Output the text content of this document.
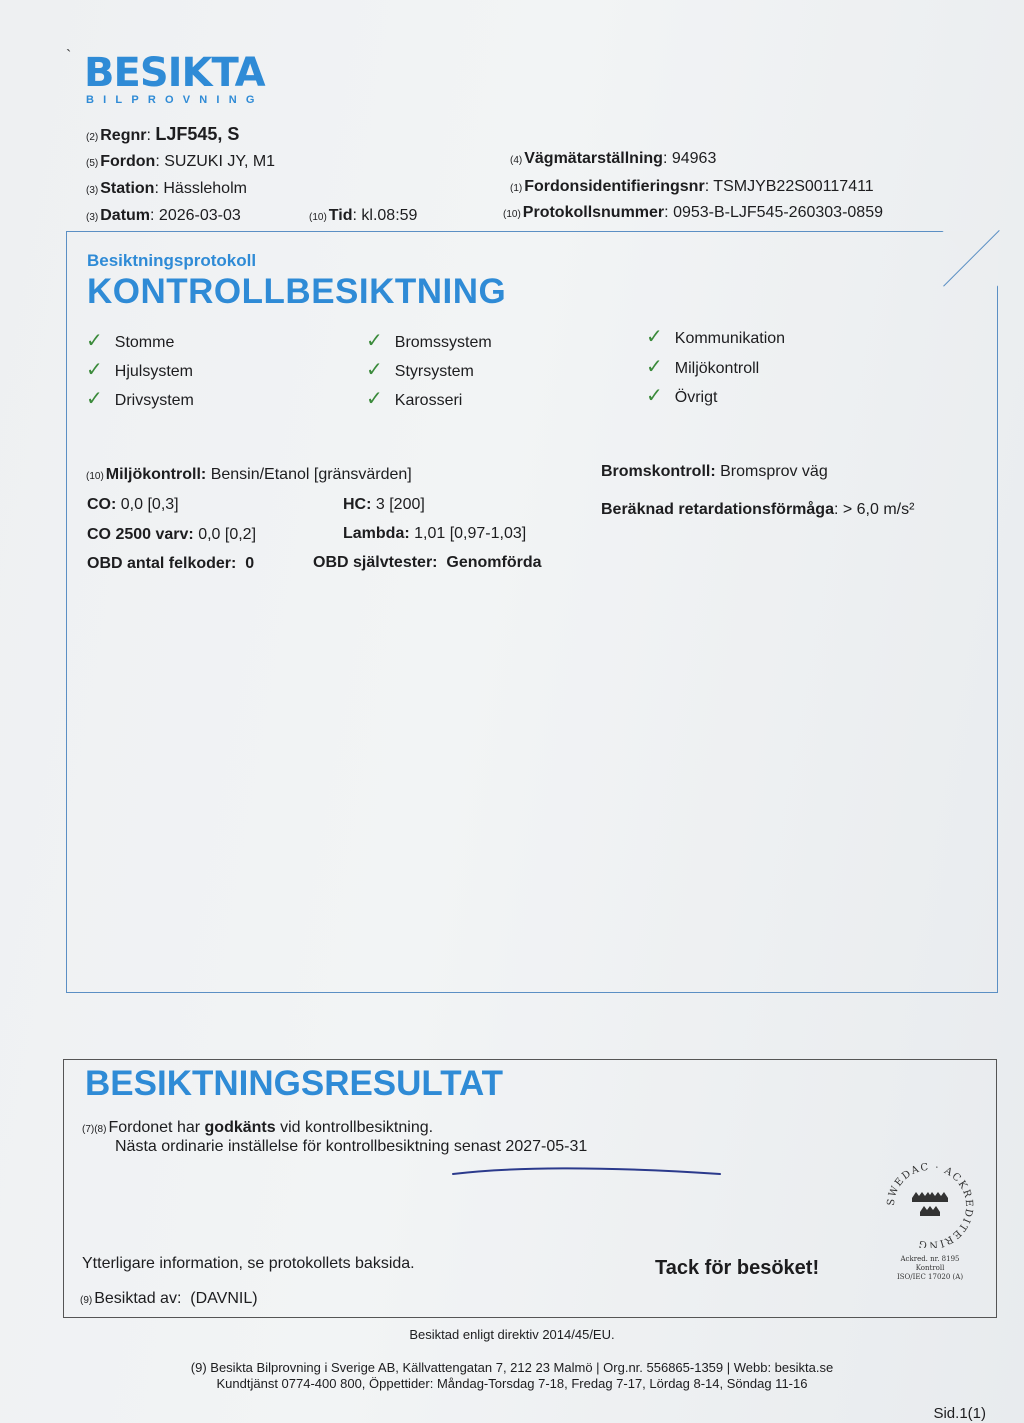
` BESIKTA
BILPROVNING
(2) Regnr: LJF545, S
(5) Fordon: SUZUKI JY, M1
(3) Station: Hässleholm
(3) Datum: 2026-03-03	(10) Tid: kl.08:59
(4) Vägmätarställning: 94963
(1) Fordonsidentifieringsnr: TSMJYB22S00117411
(10) Protokollsnummer: 0953-B-LJF545-260303-0859
Besiktningsprotokoll
KONTROLLBESIKTNING
✓ Stomme
✓ Hjulsystem
✓ Drivsystem
✓ Bromssystem
✓ Styrsystem
✓ Karosseri
✓ Kommunikation
✓ Miljökontroll
✓ Övrigt
(10) Miljökontroll: Bensin/Etanol [gränsvärden]
CO: 0,0 [0,3]
CO 2500 varv: 0,0 [0,2]
OBD antal felkoder: 0
HC: 3 [200]
Lambda: 1,01 [0,97-1,03]
OBD självtester: Genomförda
Bromskontroll: Bromsprov väg
Beräknad retardationsförmåga: > 6,0 m/s²
BESIKTNINGSRESULTAT
(7)(8) Fordonet har godkänts vid kontrollbesiktning.
Nästa ordinarie inställelse för kontrollbesiktning senast 2027-05-31
Ytterligare information, se protokollets baksida.	Tack för besöket!
(9) Besiktad av: (DAVNIL)
SWEDAC · ACKREDITERING
Ackred. nr. 8195
Kontroll
ISO/IEC 17020 (A)
Besiktad enligt direktiv 2014/45/EU.
(9) Besikta Bilprovning i Sverige AB, Källvattengatan 7, 212 23 Malmö | Org.nr. 556865-1359 | Webb: besikta.se
Kundtjänst 0774-400 800, Öppettider: Måndag-Torsdag 7-18, Fredag 7-17, Lördag 8-14, Söndag 11-16
Sid.1(1)
